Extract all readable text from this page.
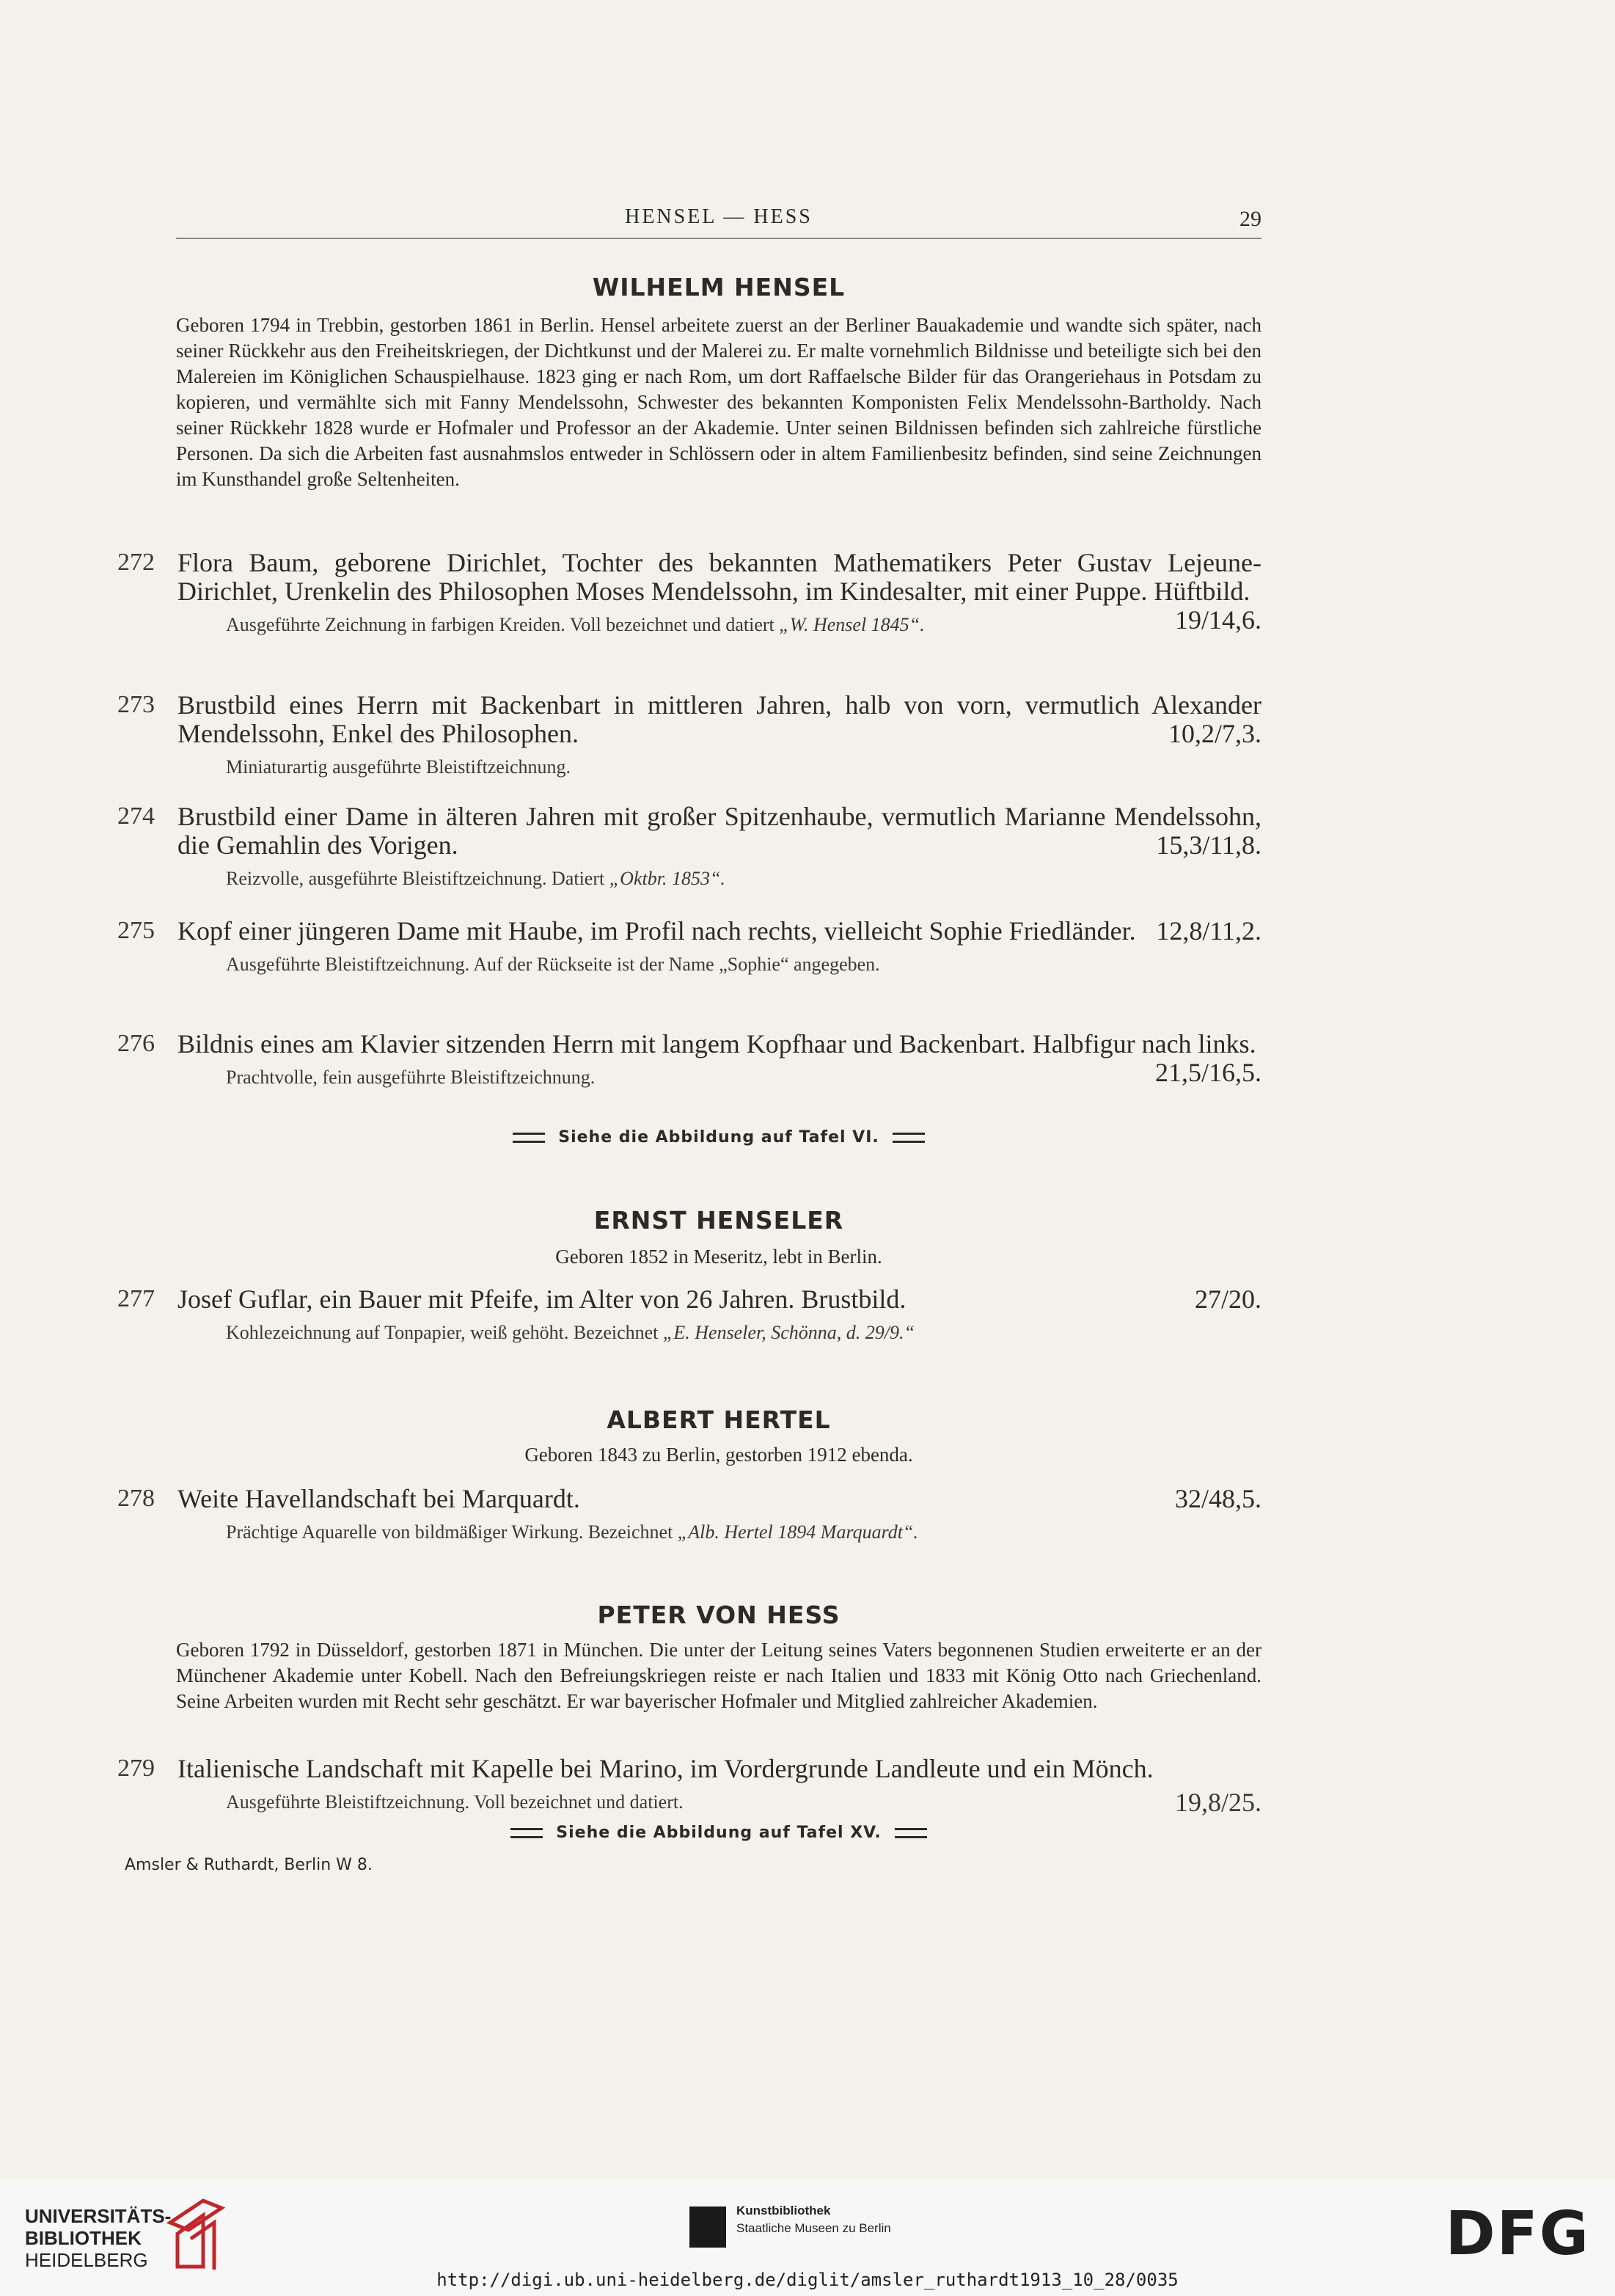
HENSEL — HESS	29
WILHELM HENSEL
Geboren 1794 in Trebbin, gestorben 1861 in Berlin. Hensel arbeitete zuerst an der Berliner Bauakademie und wandte sich später, nach seiner Rückkehr aus den Freiheitskriegen, der Dichtkunst und der Malerei zu. Er malte vornehmlich Bildnisse und beteiligte sich bei den Malereien im Königlichen Schauspielhause. 1823 ging er nach Rom, um dort Raffaelsche Bilder für das Orangeriehaus in Potsdam zu kopieren, und vermählte sich mit Fanny Mendelssohn, Schwester des bekannten Komponisten Felix Mendelssohn-Bartholdy. Nach seiner Rückkehr 1828 wurde er Hofmaler und Professor an der Akademie. Unter seinen Bildnissen befinden sich zahlreiche fürstliche Personen. Da sich die Arbeiten fast ausnahmslos entweder in Schlössern oder in altem Familienbesitz befinden, sind seine Zeichnungen im Kunsthandel große Seltenheiten.
272 Flora Baum, geborene Dirichlet, Tochter des bekannten Mathematikers Peter Gustav Lejeune-Dirichlet, Urenkelin des Philosophen Moses Mendelssohn, im Kindesalter, mit einer Puppe. Hüftbild.
19/14,6.
Ausgeführte Zeichnung in farbigen Kreiden. Voll bezeichnet und datiert „W. Hensel 1845“.
273 Brustbild eines Herrn mit Backenbart in mittleren Jahren, halb von vorn, vermutlich Alexander Mendelssohn, Enkel des Philosophen.	10,2/7,3.
Miniaturartig ausgeführte Bleistiftzeichnung.
274 Brustbild einer Dame in älteren Jahren mit großer Spitzenhaube, vermutlich Marianne Mendelssohn, die Gemahlin des Vorigen.	15,3/11,8.
Reizvolle, ausgeführte Bleistiftzeichnung. Datiert „Oktbr. 1853“.
275 Kopf einer jüngeren Dame mit Haube, im Profil nach rechts, vielleicht Sophie Friedländer. 12,8/11,2.
Ausgeführte Bleistiftzeichnung. Auf der Rückseite ist der Name „Sophie“ angegeben.
276 Bildnis eines am Klavier sitzenden Herrn mit langem Kopfhaar und Backenbart. Halbfigur nach links.
21,5/16,5.
Prachtvolle, fein ausgeführte Bleistiftzeichnung.
Siehe die Abbildung auf Tafel VI.
ERNST HENSELER
Geboren 1852 in Meseritz, lebt in Berlin.
277 Josef Guflar, ein Bauer mit Pfeife, im Alter von 26 Jahren. Brustbild.	27/20.
Kohlezeichnung auf Tonpapier, weiß gehöht. Bezeichnet „E. Henseler, Schönna, d. 29/9.“
ALBERT HERTEL
Geboren 1843 zu Berlin, gestorben 1912 ebenda.
278 Weite Havellandschaft bei Marquardt.	32/48,5.
Prächtige Aquarelle von bildmäßiger Wirkung. Bezeichnet „Alb. Hertel 1894 Marquardt“.
PETER VON HESS
Geboren 1792 in Düsseldorf, gestorben 1871 in München. Die unter der Leitung seines Vaters begonnenen Studien erweiterte er an der Münchener Akademie unter Kobell. Nach den Befreiungskriegen reiste er nach Italien und 1833 mit König Otto nach Griechenland. Seine Arbeiten wurden mit Recht sehr geschätzt. Er war bayerischer Hofmaler und Mitglied zahlreicher Akademien.
279 Italienische Landschaft mit Kapelle bei Marino, im Vordergrunde Landleute und ein Mönch.
Ausgeführte Bleistiftzeichnung. Voll bezeichnet und datiert.	19,8/25.
Siehe die Abbildung auf Tafel XV.
Amsler & Ruthardt, Berlin W 8.
UNIVERSITÄTS-
BIBLIOTHEK
HEIDELBERG
Kunstbibliothek
Staatliche Museen zu Berlin	DFG
http://digi.ub.uni-heidelberg.de/diglit/amsler_ruthardt1913_10_28/0035
